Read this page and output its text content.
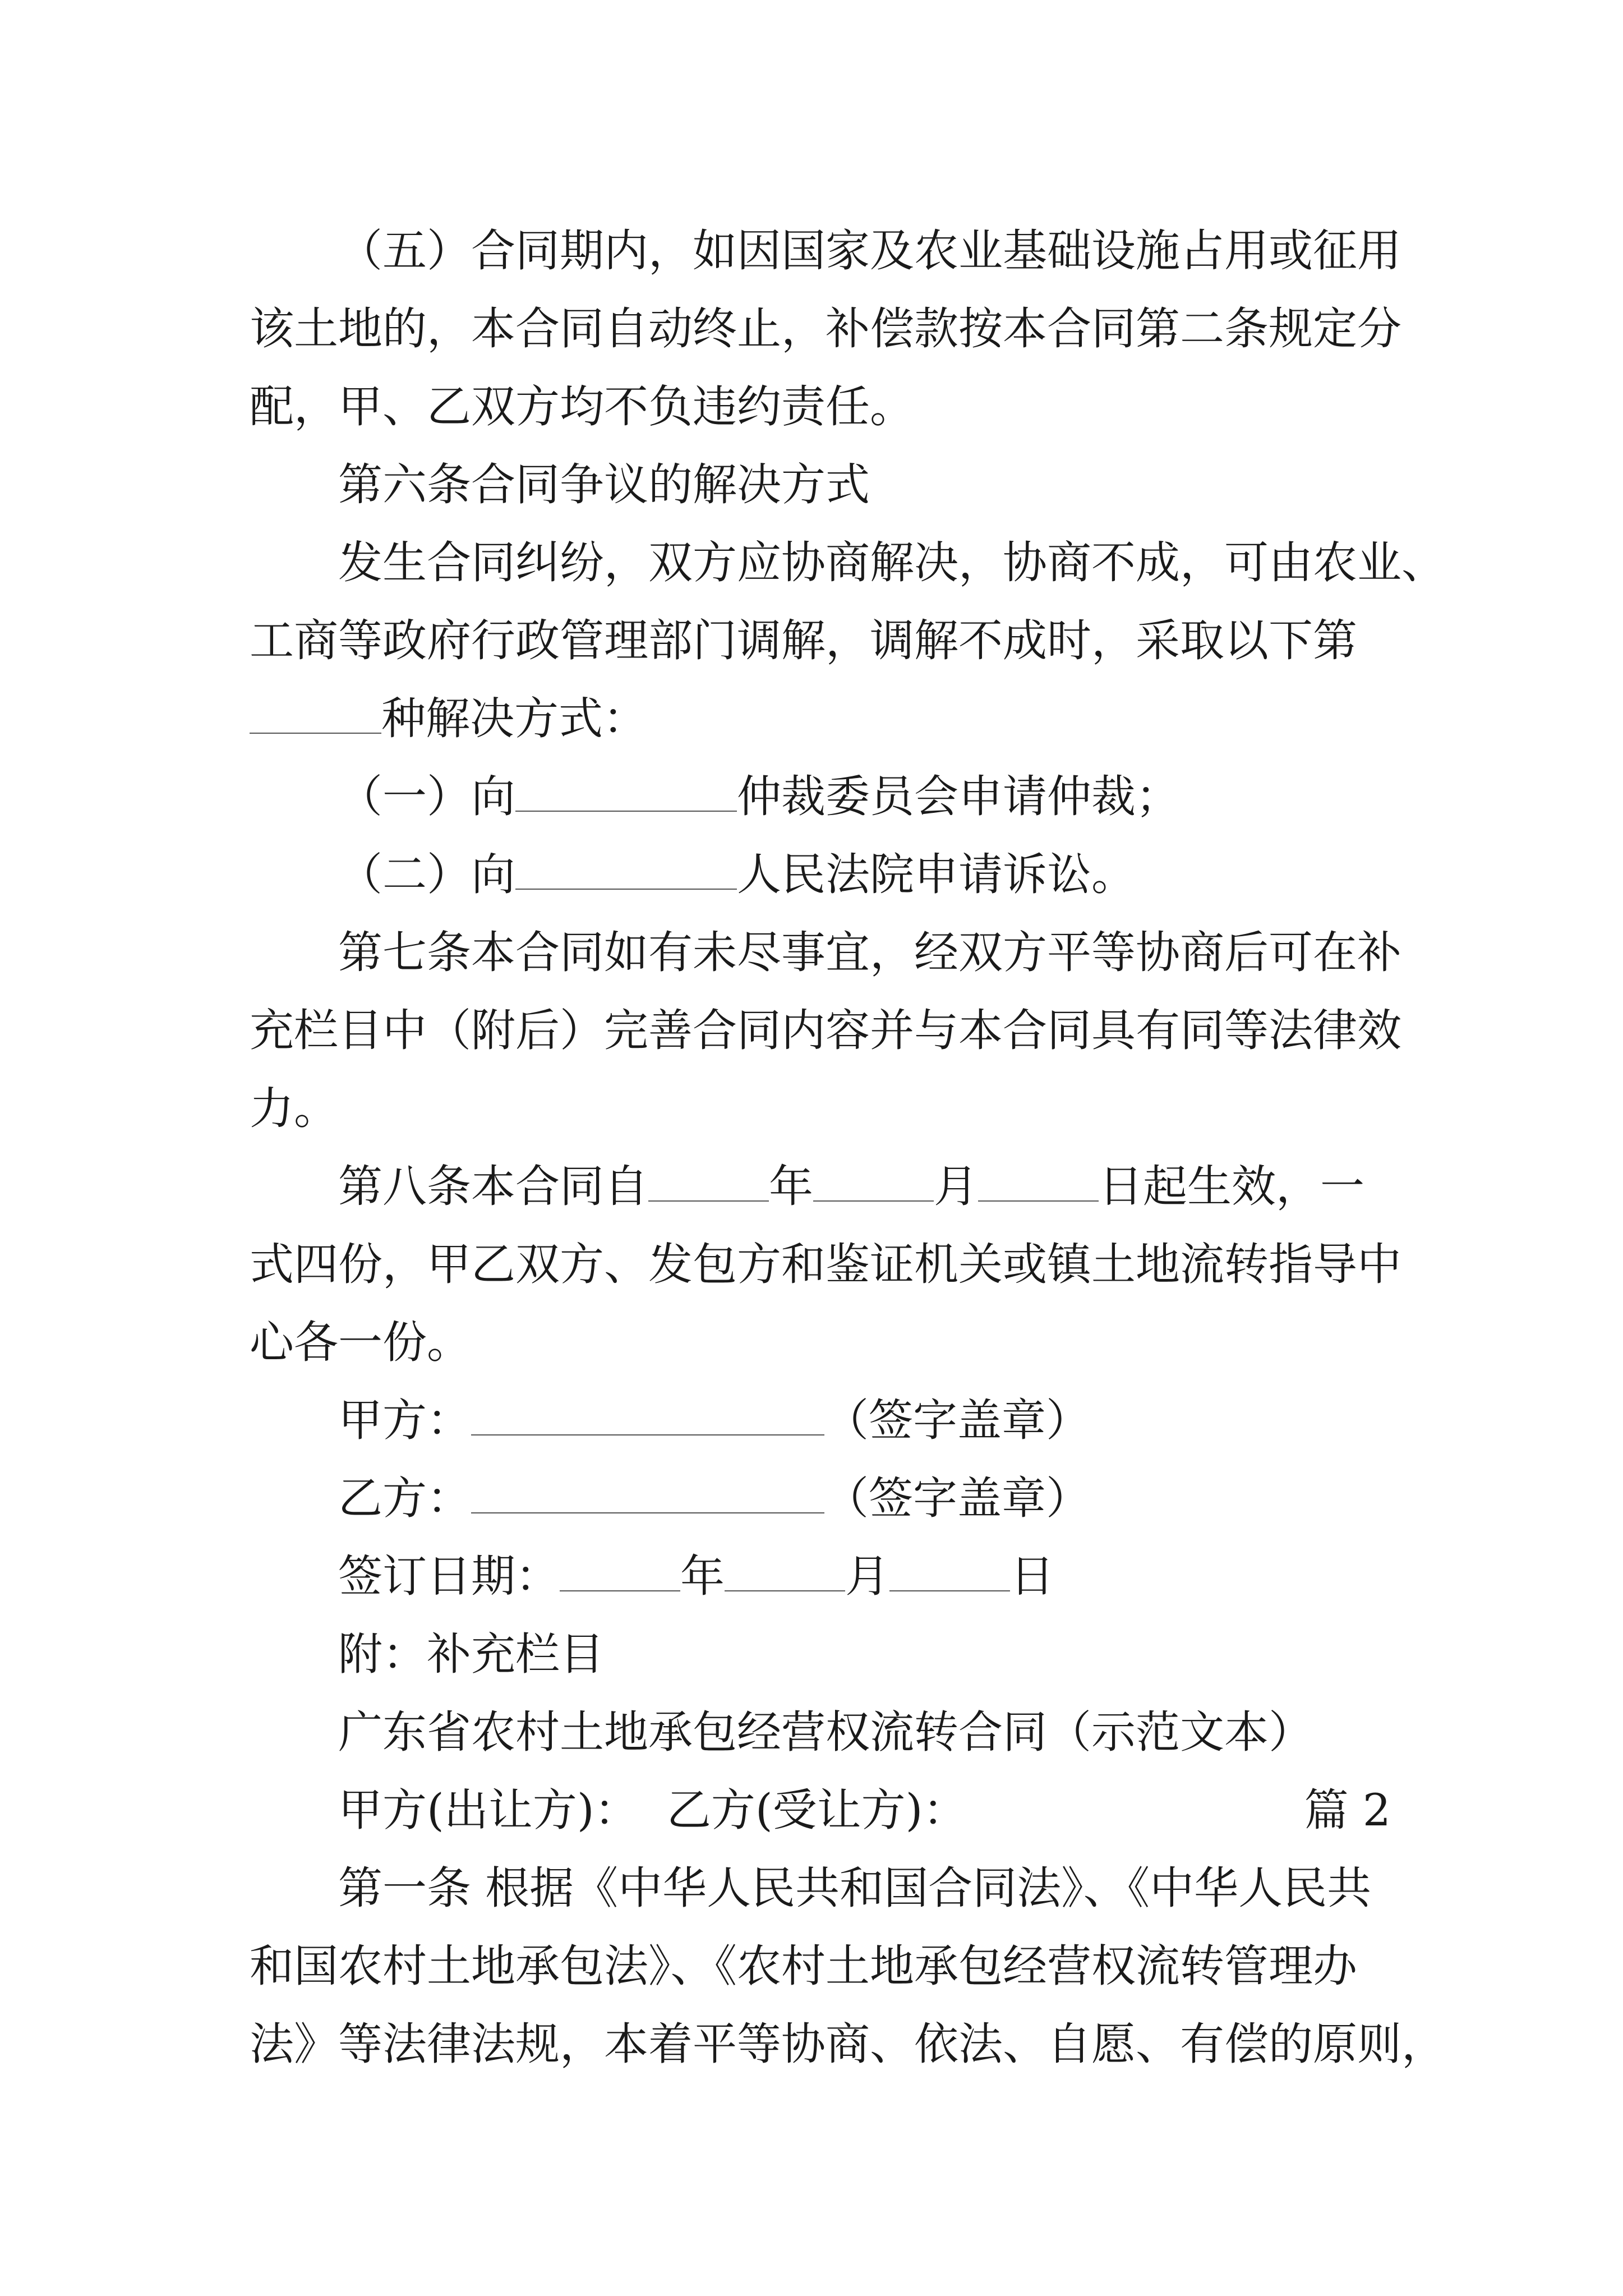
（五）合同期内，如因国家及农业基础设施占用或征用

该土地的，本合同自动终止，补偿款按本合同第二条规定分

配，甲、乙双方均不负违约责任。

第六条合同争议的解决方式

发生合同纠纷，双方应协商解决，协商不成，可由农业、

工商等政府行政管理部门调解，调解不成时，采取以下第

种解决方式：

（一）向	仲裁委员会申请仲裁；

（二）向	人民法院申请诉讼。

第七条本合同如有未尽事宜，经双方平等协商后可在补

充栏目中（附后）完善合同内容并与本合同具有同等法律效

力。

第八条本合同自	年	月	日起生效，一

式四份，甲乙双方、发包方和鉴证机关或镇土地流转指导中

心各一份。

甲方：	（签字盖章）

乙方：	（签字盖章）

签订日期：	年	月	日

附：补充栏目

广东省农村土地承包经营权流转合同（示范文本）
篇 2

甲方(出让方)：  乙方(受让方)：

第一条 根据《中华人民共和国合同法》、《中华人民共

和国农村土地承包法》、《农村土地承包经营权流转管理办

法》等法律法规，本着平等协商、依法、自愿、有偿的原则，
